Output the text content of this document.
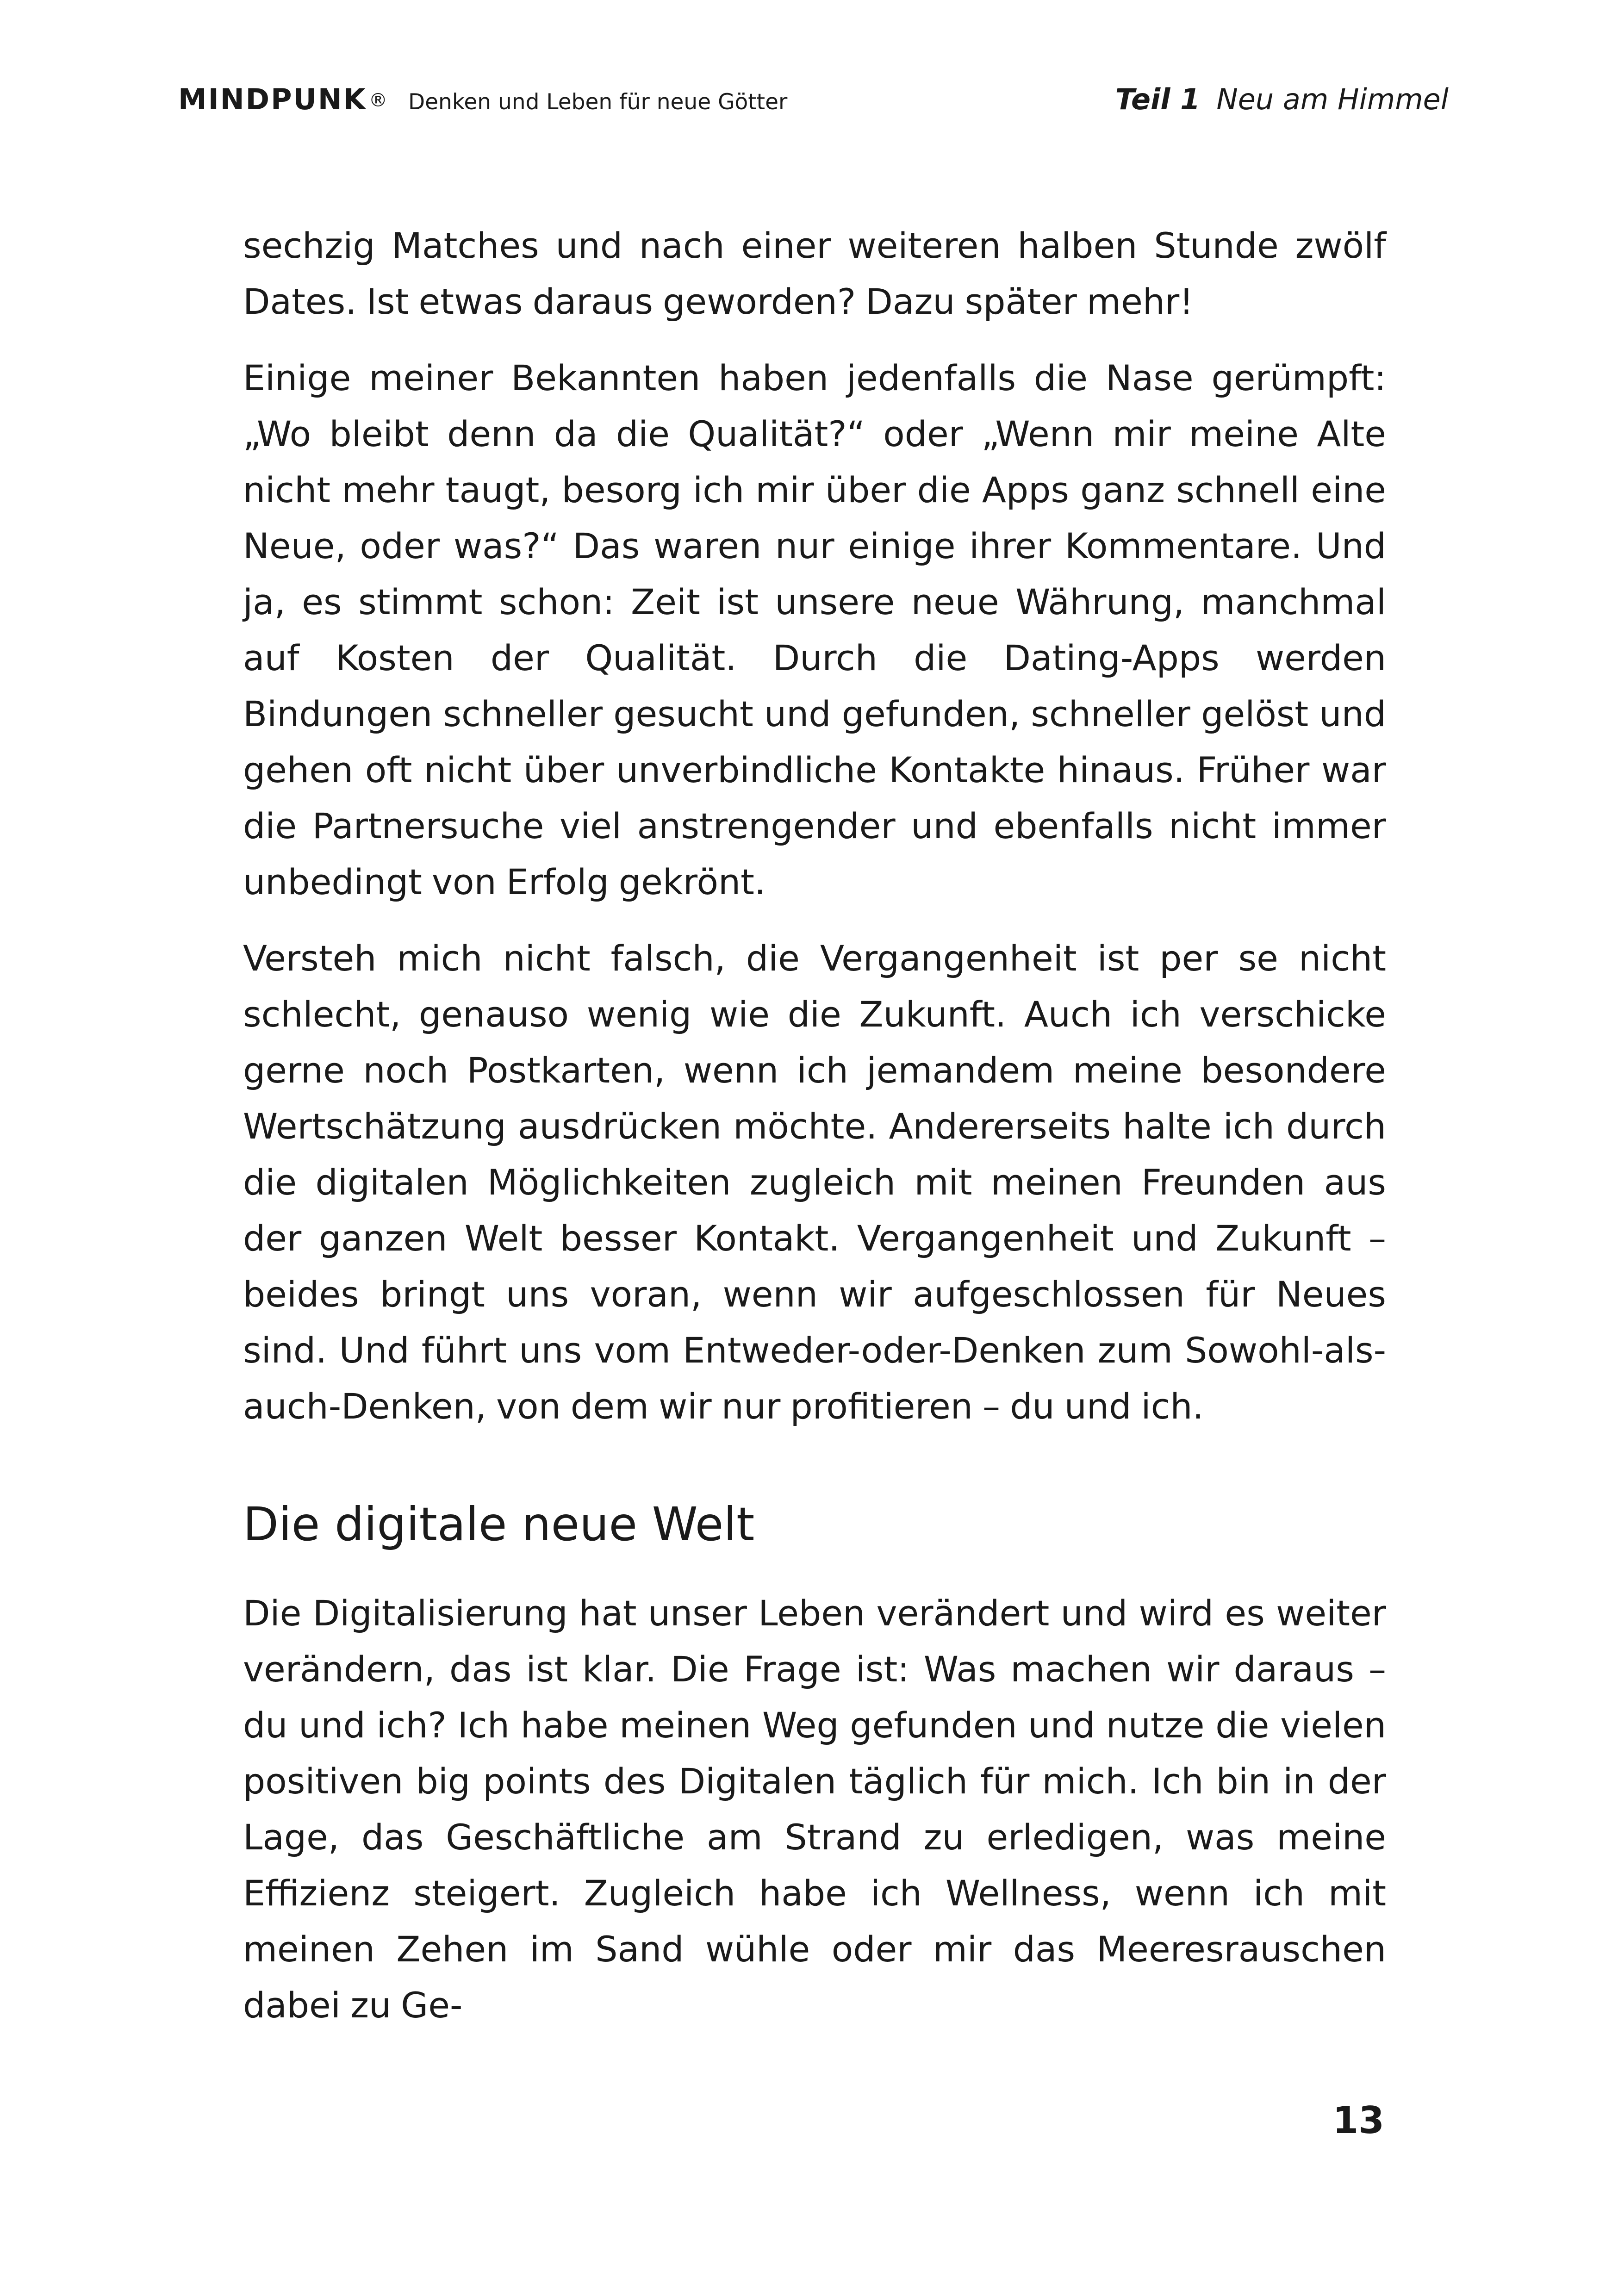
MINDPUNK ® Denken und Leben für neue Götter	Teil 1 Neu am Himmel

sechzig Matches und nach einer weiteren halben Stunde zwölf Dates. Ist etwas daraus geworden? Dazu später mehr!

Einige meiner Bekannten haben jedenfalls die Nase gerümpft: „Wo bleibt denn da die Qualität?“ oder „Wenn mir meine Alte nicht mehr taugt, besorg ich mir über die Apps ganz schnell eine Neue, oder was?“ Das waren nur einige ihrer Kommentare. Und ja, es stimmt schon: Zeit ist unsere neue Währung, manchmal auf Kosten der Qualität. Durch die Dating-Apps werden Bindungen schneller gesucht und gefunden, schneller gelöst und gehen oft nicht über unverbindliche Kontakte hinaus. Früher war die Partnersuche viel anstrengender und ebenfalls nicht immer unbedingt von Erfolg gekrönt.

Versteh mich nicht falsch, die Vergangenheit ist per se nicht schlecht, genauso wenig wie die Zukunft. Auch ich verschicke gerne noch Postkarten, wenn ich jemandem meine besondere Wertschätzung ausdrücken möchte. Andererseits halte ich durch die digitalen Möglichkeiten zugleich mit meinen Freunden aus der ganzen Welt besser Kontakt. Vergangenheit und Zukunft – beides bringt uns voran, wenn wir aufgeschlossen für Neues sind. Und führt uns vom Entweder-oder-Denken zum Sowohl-als-auch-Denken, von dem wir nur profitieren – du und ich.

Die digitale neue Welt

Die Digitalisierung hat unser Leben verändert und wird es weiter verändern, das ist klar. Die Frage ist: Was machen wir daraus – du und ich? Ich habe meinen Weg gefunden und nutze die vielen positiven big points des Digitalen täglich für mich. Ich bin in der Lage, das Geschäftliche am Strand zu erledigen, was meine Effizienz steigert. Zugleich habe ich Wellness, wenn ich mit meinen Zehen im Sand wühle oder mir das Meeresrauschen dabei zu Ge-

13
